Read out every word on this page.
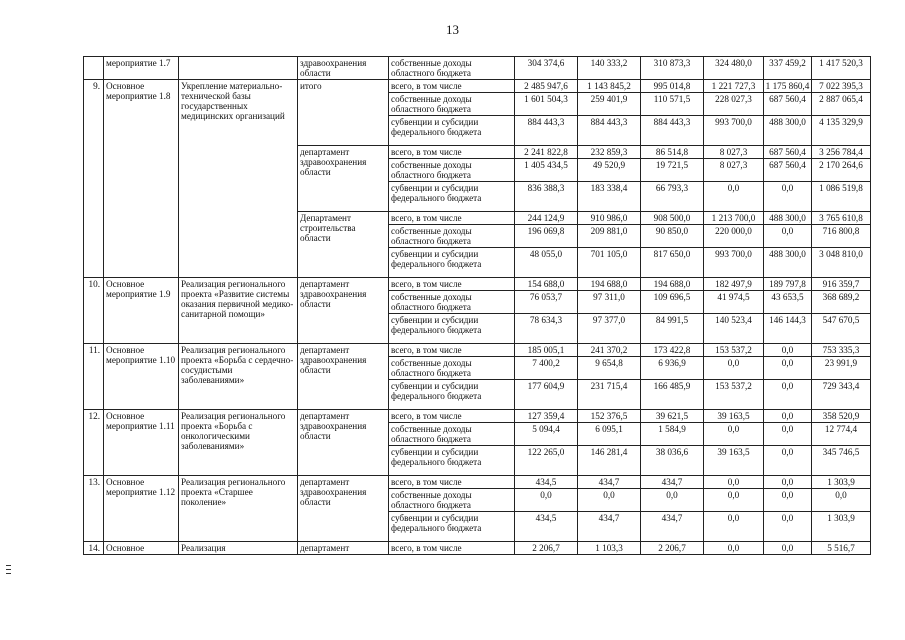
13
	мероприятие 1.7		здравоохранения области	собственные доходы областного бюджета	304 374,6	140 333,2	310 873,3	324 480,0	337 459,2	1 417 520,3

9.	Основное мероприятие 1.8	Укрепление материально-технической базы государственных медицинских организаций	итого	всего, в том числе	2 485 947,6	1 143 845,2	995 014,8	1 221 727,3	1 175 860,4	7 022 395,3
				собственные доходы областного бюджета	1 601 504,3	259 401,9	110 571,5	228 027,3	687 560,4	2 887 065,4

				субвенции и субсидии федерального бюджета	884 443,3	884 443,3	884 443,3	993 700,0	488 300,0	4 135 329,9

			департамент здравоохранения области	всего, в том числе	2 241 822,8	232 859,3	86 514,8	8 027,3	687 560,4	3 256 784,4
				собственные доходы областного бюджета	1 405 434,5	49 520,9	19 721,5	8 027,3	687 560,4	2 170 264,6

				субвенции и субсидии федерального бюджета	836 388,3	183 338,4	66 793,3	0,0	0,0	1 086 519,8

			Департамент строительства области	всего, в том числе	244 124,9	910 986,0	908 500,0	1 213 700,0	488 300,0	3 765 610,8
				собственные доходы областного бюджета	196 069,8	209 881,0	90 850,0	220 000,0	0,0	716 800,8

				субвенции и субсидии федерального бюджета	48 055,0	701 105,0	817 650,0	993 700,0	488 300,0	3 048 810,0

10.	Основное мероприятие 1.9	Реализация регионального проекта «Развитие системы оказания первичной медико-санитарной помощи»	департамент здравоохранения области	всего, в том числе	154 688,0	194 688,0	194 688,0	182 497,9	189 797,8	916 359,7
				собственные доходы областного бюджета	76 053,7	97 311,0	109 696,5	41 974,5	43 653,5	368 689,2

				субвенции и субсидии федерального бюджета	78 634,3	97 377,0	84 991,5	140 523,4	146 144,3	547 670,5

11.	Основное мероприятие 1.10	Реализация регионального проекта «Борьба с сердечно-сосудистыми заболеваниями»	департамент здравоохранения области	всего, в том числе	185 005,1	241 370,2	173 422,8	153 537,2	0,0	753 335,3
				собственные доходы областного бюджета	7 400,2	9 654,8	6 936,9	0,0	0,0	23 991,9

				субвенции и субсидии федерального бюджета	177 604,9	231 715,4	166 485,9	153 537,2	0,0	729 343,4

12.	Основное мероприятие 1.11	Реализация регионального проекта «Борьба с онкологическими заболеваниями»	департамент здравоохранения области	всего, в том числе	127 359,4	152 376,5	39 621,5	39 163,5	0,0	358 520,9
				собственные доходы областного бюджета	5 094,4	6 095,1	1 584,9	0,0	0,0	12 774,4

				субвенции и субсидии федерального бюджета	122 265,0	146 281,4	38 036,6	39 163,5	0,0	345 746,5

13.	Основное мероприятие 1.12	Реализация регионального проекта «Старшее поколение»	департамент здравоохранения области	всего, в том числе	434,5	434,7	434,7	0,0	0,0	1 303,9
				собственные доходы областного бюджета	0,0	0,0	0,0	0,0	0,0	0,0

				субвенции и субсидии федерального бюджета	434,5	434,7	434,7	0,0	0,0	1 303,9

14.	Основное	Реализация	департамент	всего, в том числе	2 206,7	1 103,3	2 206,7	0,0	0,0	5 516,7
